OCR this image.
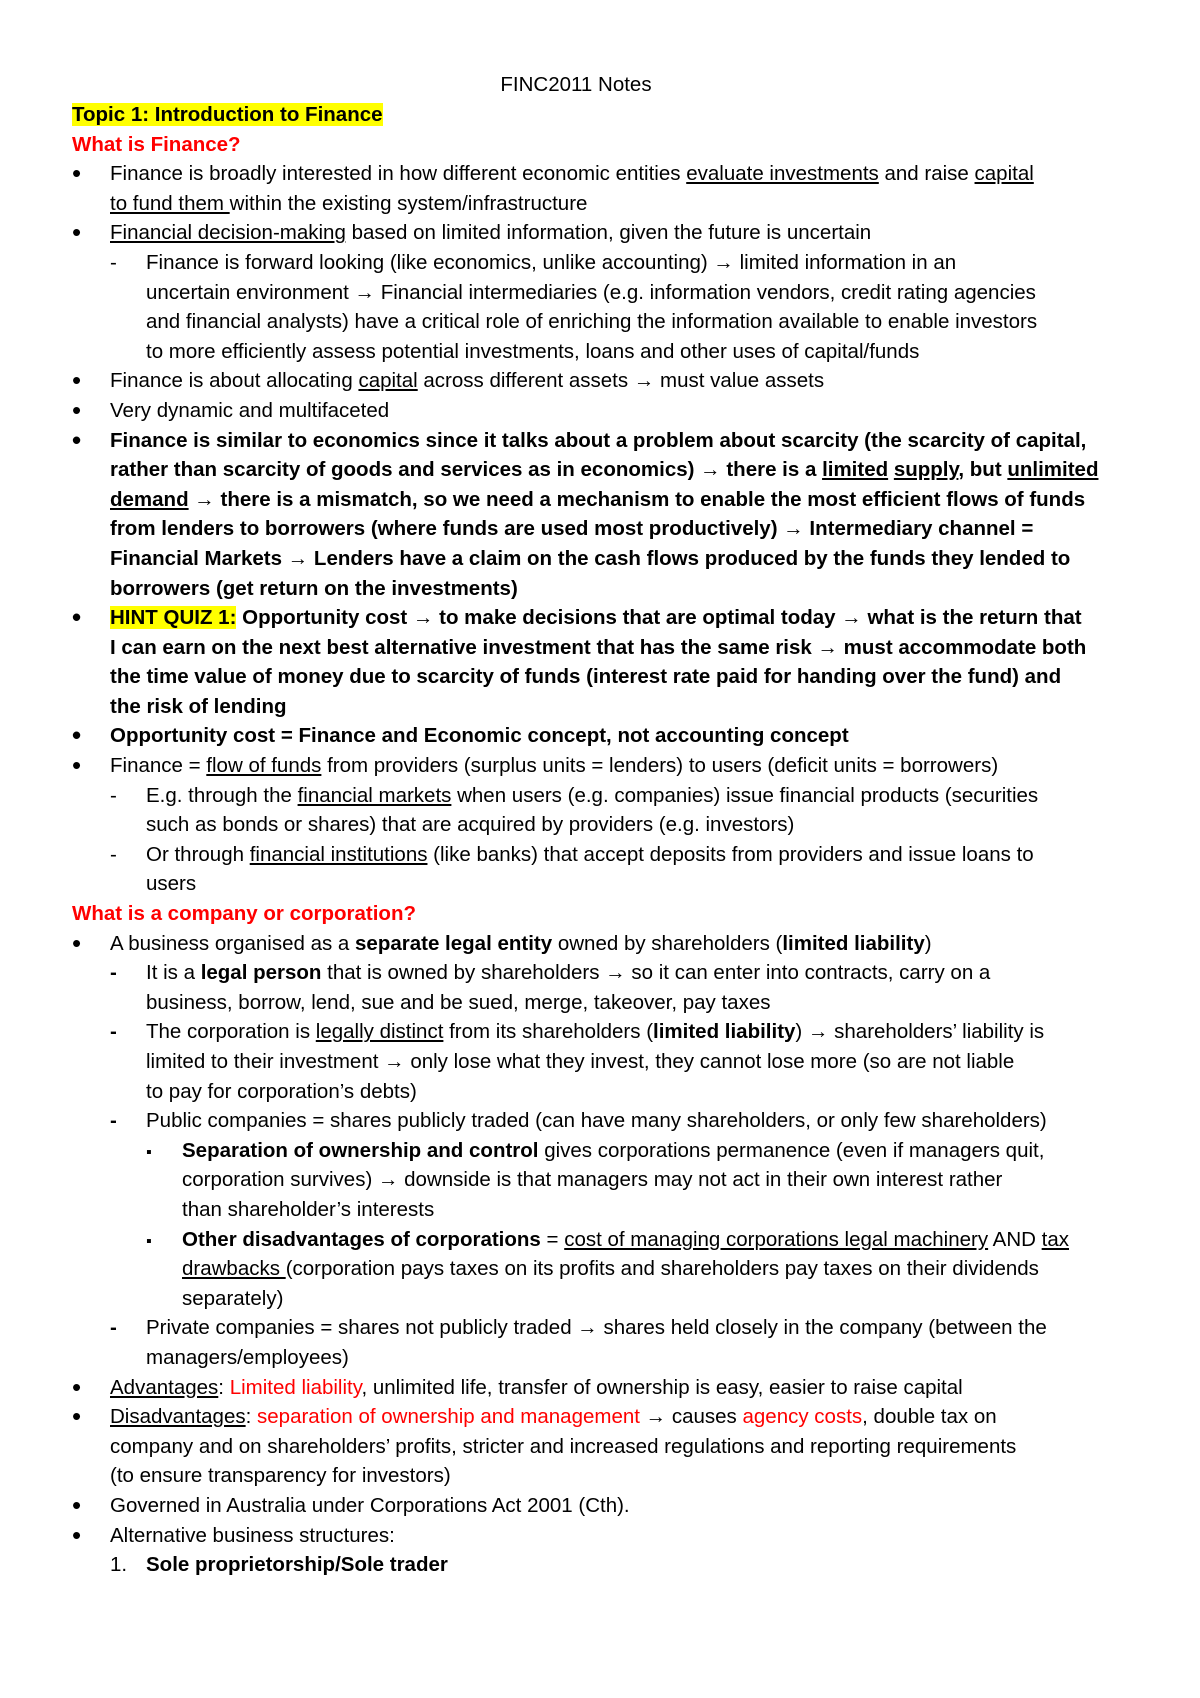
FINC2011 Notes
Topic 1: Introduction to Finance
What is Finance?
•
Finance is broadly interested in how different economic entities evaluate investments and raise capital
to fund them within the existing system/infrastructure
•
Financial decision-making based on limited information, given the future is uncertain
-
Finance is forward looking (like economics, unlike accounting) → limited information in an
uncertain environment → Financial intermediaries (e.g. information vendors, credit rating agencies
and financial analysts) have a critical role of enriching the information available to enable investors
to more efficiently assess potential investments, loans and other uses of capital/funds
•
Finance is about allocating capital across different assets → must value assets
•
Very dynamic and multifaceted
•
Finance is similar to economics since it talks about a problem about scarcity (the scarcity of capital,
rather than scarcity of goods and services as in economics) → there is a limited supply, but unlimited
demand → there is a mismatch, so we need a mechanism to enable the most efficient flows of funds
from lenders to borrowers (where funds are used most productively) → Intermediary channel =
Financial Markets → Lenders have a claim on the cash flows produced by the funds they lended to
borrowers (get return on the investments)
•
HINT QUIZ 1: Opportunity cost → to make decisions that are optimal today → what is the return that
I can earn on the next best alternative investment that has the same risk → must accommodate both
the time value of money due to scarcity of funds (interest rate paid for handing over the fund) and
the risk of lending
•
Opportunity cost = Finance and Economic concept, not accounting concept
•
Finance = flow of funds from providers (surplus units = lenders) to users (deficit units = borrowers)
-
E.g. through the financial markets when users (e.g. companies) issue financial products (securities
such as bonds or shares) that are acquired by providers (e.g. investors)
-
Or through financial institutions (like banks) that accept deposits from providers and issue loans to
users
What is a company or corporation?
•
A business organised as a separate legal entity owned by shareholders (limited liability)
-
It is a legal person that is owned by shareholders → so it can enter into contracts, carry on a
business, borrow, lend, sue and be sued, merge, takeover, pay taxes
-
The corporation is legally distinct from its shareholders (limited liability) → shareholders’ liability is
limited to their investment → only lose what they invest, they cannot lose more (so are not liable
to pay for corporation’s debts)
-
Public companies = shares publicly traded (can have many shareholders, or only few shareholders)
▪
Separation of ownership and control gives corporations permanence (even if managers quit,
corporation survives) → downside is that managers may not act in their own interest rather
than shareholder’s interests
▪
Other disadvantages of corporations = cost of managing corporations legal machinery AND tax
drawbacks (corporation pays taxes on its profits and shareholders pay taxes on their dividends
separately)
-
Private companies = shares not publicly traded → shares held closely in the company (between the
managers/employees)
•
Advantages: Limited liability, unlimited life, transfer of ownership is easy, easier to raise capital
•
Disadvantages: separation of ownership and management → causes agency costs, double tax on
company and on shareholders’ profits, stricter and increased regulations and reporting requirements
(to ensure transparency for investors)
•
Governed in Australia under Corporations Act 2001 (Cth).
•
Alternative business structures:
1. Sole proprietorship/Sole trader
